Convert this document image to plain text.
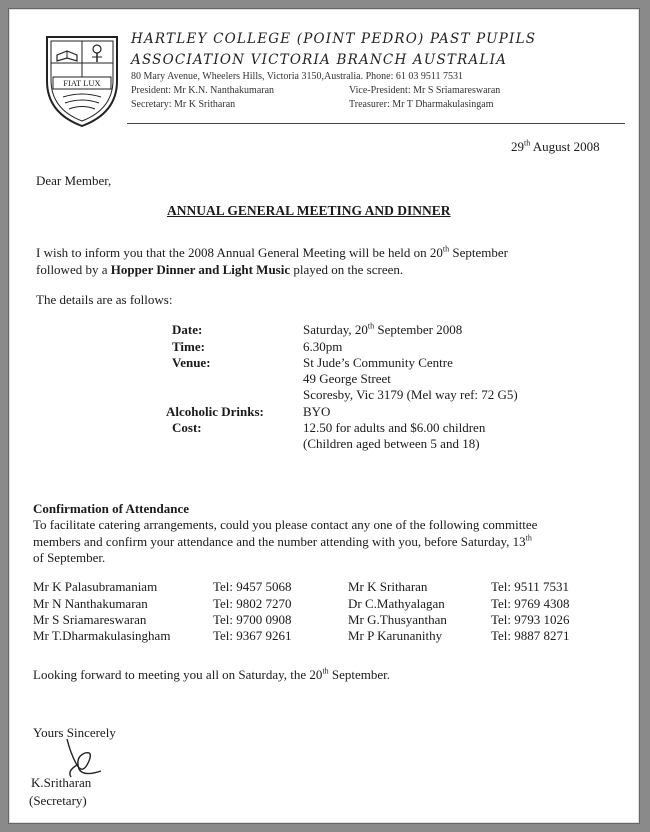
FIAT LUX
HARTLEY COLLEGE (POINT PEDRO) PAST PUPILS
ASSOCIATION VICTORIA BRANCH AUSTRALIA
80 Mary Avenue, Wheelers Hills, Victoria 3150,Australia. Phone: 61 03 9511 7531
President: Mr K.N. Nanthakumaran	Vice-President: Mr S Sriamareswaran
Secretary: Mr K Sritharan	Treasurer: Mr T Dharmakulasingam
29th August 2008
Dear Member,
ANNUAL GENERAL MEETING AND DINNER
I wish to inform you that the 2008 Annual General Meeting will be held on 20th September
followed by a Hopper Dinner and Light Music played on the screen.
The details are as follows:
Date:	Saturday, 20th September 2008
Time:	6.30pm
Venue:	St Jude’s Community Centre
49 George Street
Scoresby, Vic 3179 (Mel way ref: 72 G5)
Alcoholic Drinks:	BYO
Cost:	12.50 for adults and $6.00 children
(Children aged between 5 and 18)
Confirmation of Attendance
To facilitate catering arrangements, could you please contact any one of the following committee
members and confirm your attendance and the number attending with you, before Saturday, 13th
of September.
Mr K Palasubramaniam	Tel: 9457 5068
Mr N Nanthakumaran	Tel: 9802 7270
Mr S Sriamareswaran	Tel: 9700 0908
Mr T.Dharmakulasingham	Tel: 9367 9261
Mr K Sritharan	Tel: 9511 7531
Dr C.Mathyalagan	Tel: 9769 4308
Mr G.Thusyanthan	Tel: 9793 1026
Mr P Karunanithy	Tel: 9887 8271
Looking forward to meeting you all on Saturday, the 20th September.
Yours Sincerely
K.Sritharan
(Secretary)
